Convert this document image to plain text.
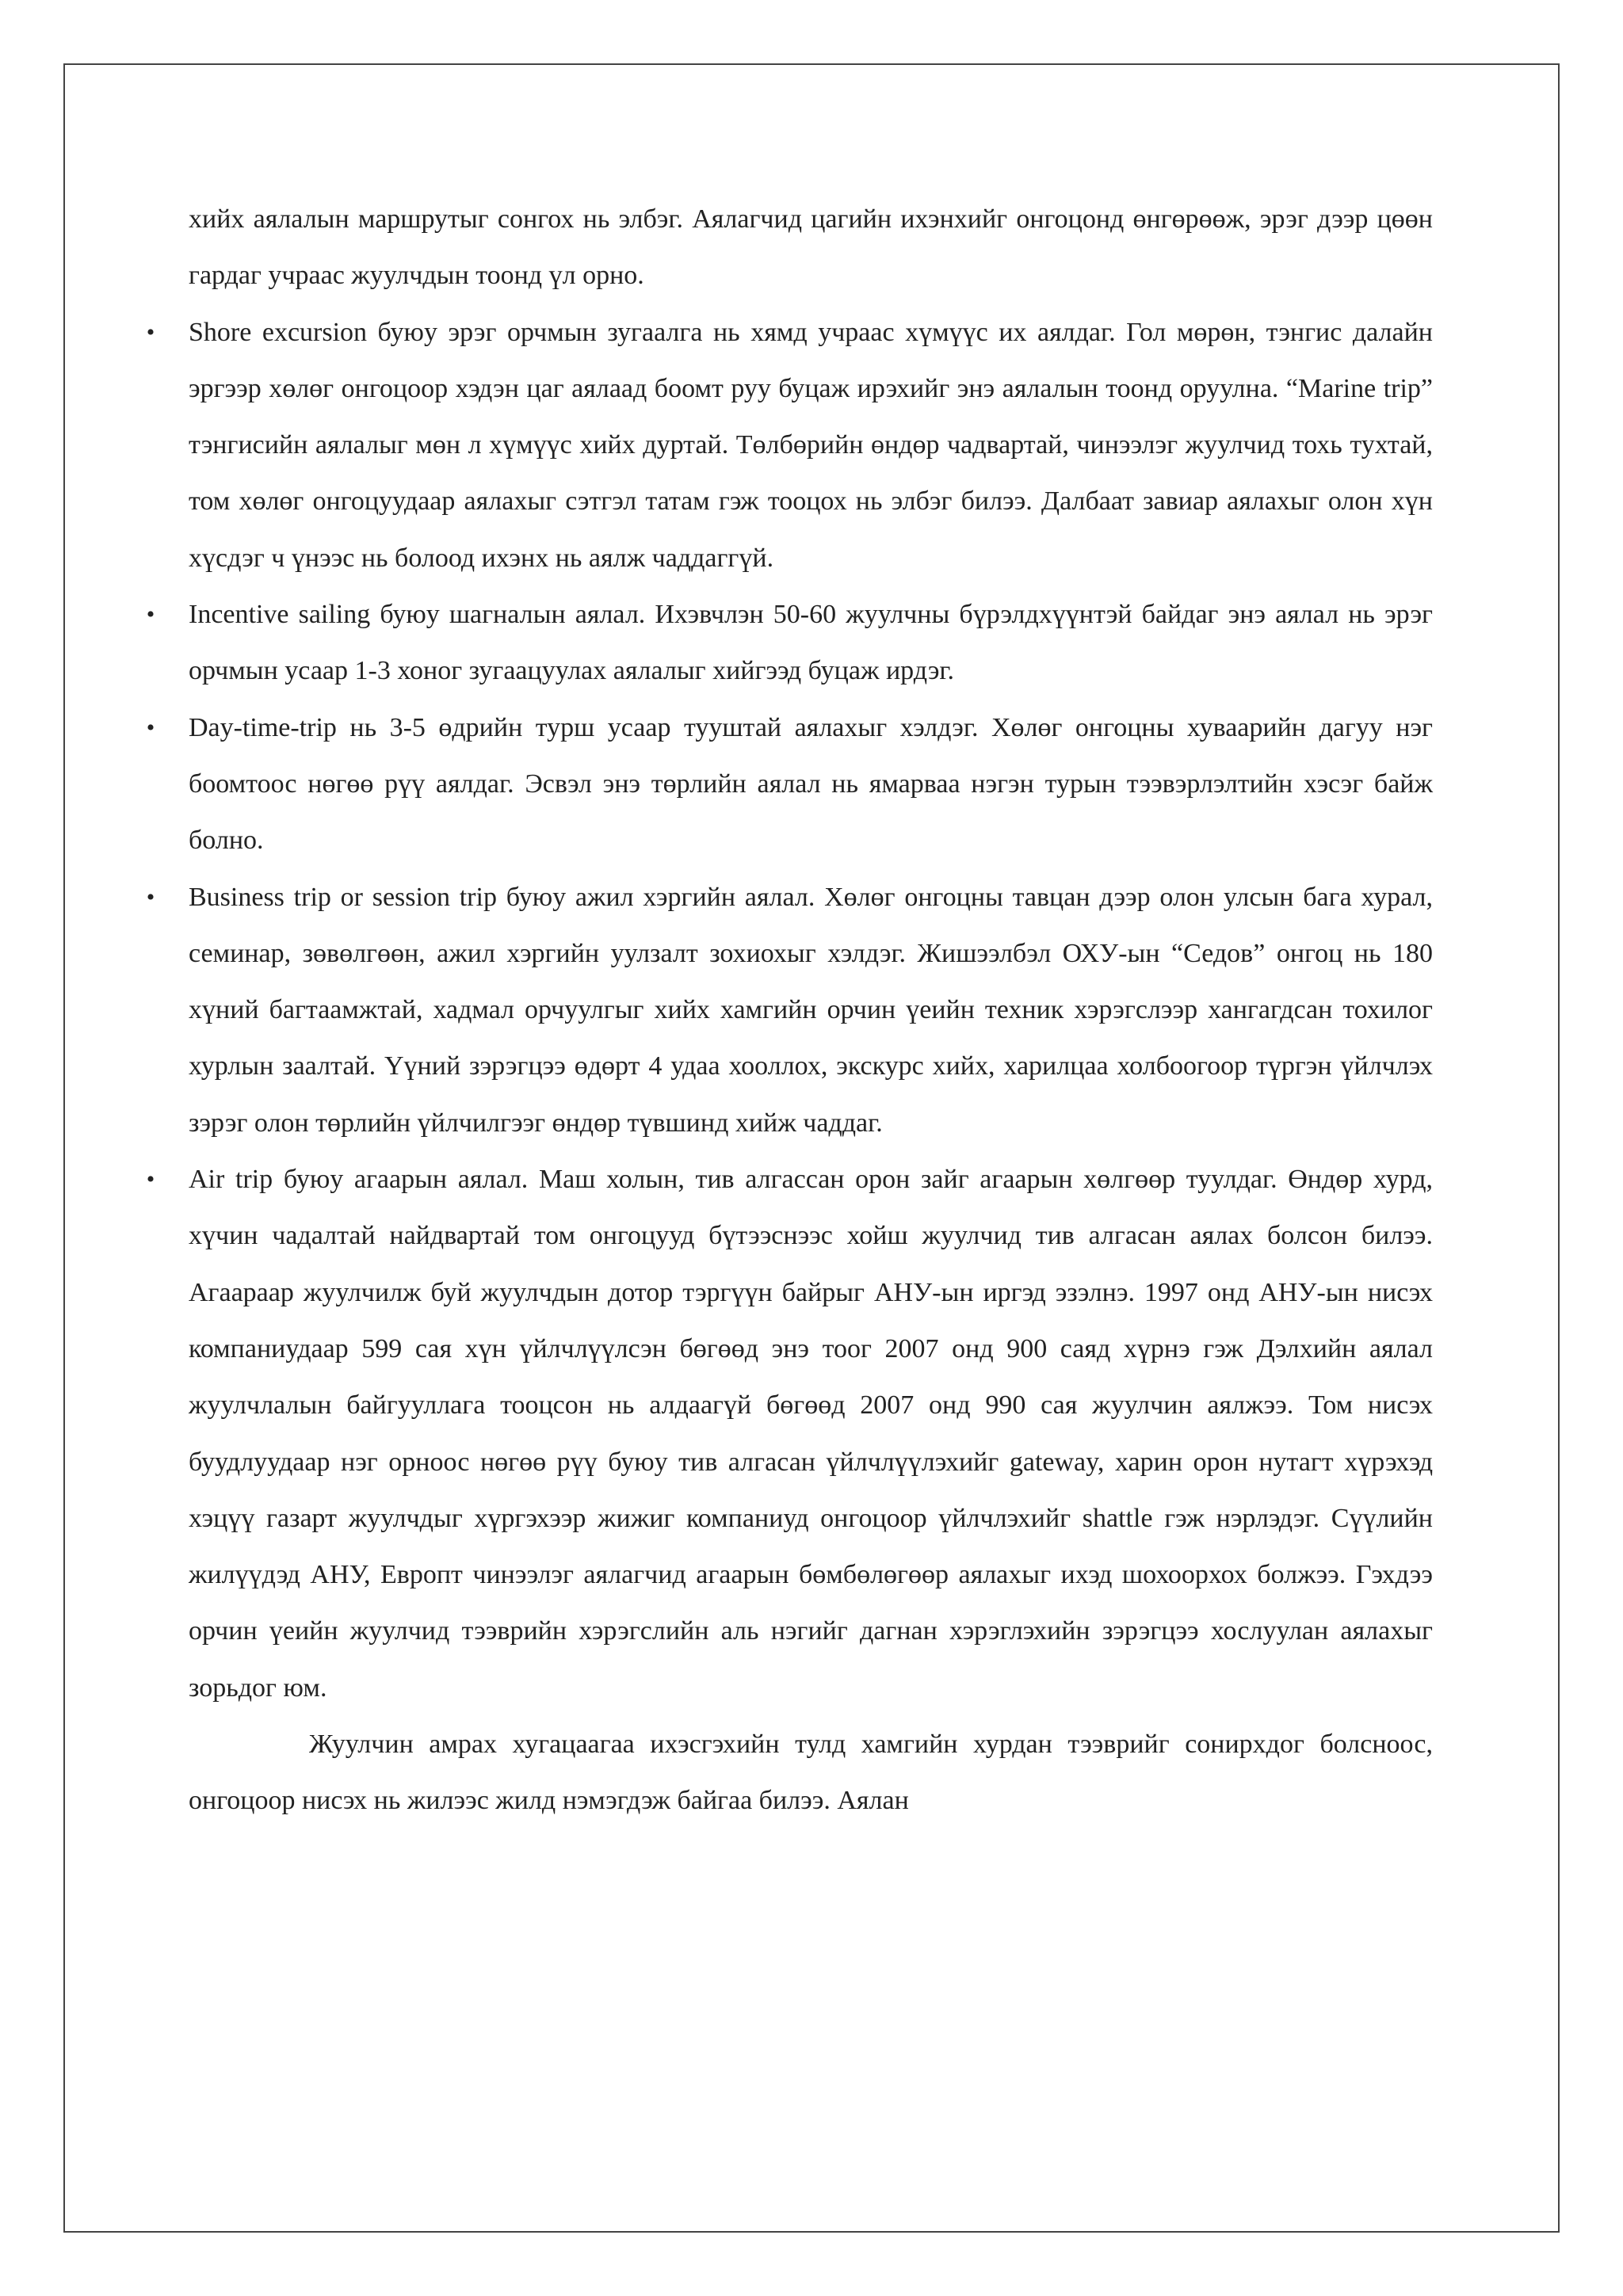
хийх аялалын маршрутыг сонгох нь элбэг. Аялагчид цагийн ихэнхийг онгоцонд өнгөрөөж, эрэг дээр цөөн гардаг учраас жуулчдын тоонд үл орно.

• Shore excursion буюу эрэг орчмын зугаалга нь хямд учраас хүмүүс их аялдаг. Гол мөрөн, тэнгис далайн эргээр хөлөг онгоцоор хэдэн цаг аялаад боомт руу буцаж ирэхийг энэ аялалын тоонд оруулна. “Marine trip” тэнгисийн аялалыг мөн л хүмүүс хийх дуртай. Төлбөрийн өндөр чадвартай, чинээлэг жуулчид тохь тухтай, том хөлөг онгоцуудаар аялахыг сэтгэл татам гэж тооцох нь элбэг билээ. Далбаат завиар аялахыг олон хүн хүсдэг ч үнээс нь болоод ихэнх нь аялж чаддаггүй.
• Incentive sailing буюу шагналын аялал. Ихэвчлэн 50-60 жуулчны бүрэлдхүүнтэй байдаг энэ аялал нь эрэг орчмын усаар 1-3 хоног зугаацуулах аялалыг хийгээд буцаж ирдэг.
• Day-time-trip нь 3-5 өдрийн турш усаар тууштай аялахыг хэлдэг. Хөлөг онгоцны хуваарийн дагуу нэг боомтоос нөгөө рүү аялдаг. Эсвэл энэ төрлийн аялал нь ямарваа нэгэн турын тээвэрлэлтийн хэсэг байж болно.
• Business trip or session trip буюу ажил хэргийн аялал. Хөлөг онгоцны тавцан дээр олон улсын бага хурал, семинар, зөвөлгөөн, ажил хэргийн уулзалт зохиохыг хэлдэг. Жишээлбэл ОХУ-ын “Седов” онгоц нь 180 хүний багтаамжтай, хадмал орчуулгыг хийх хамгийн орчин үеийн техник хэрэгслээр хангагдсан тохилог хурлын заалтай. Үүний зэрэгцээ өдөрт 4 удаа хооллох, экскурс хийх, харилцаа холбоогоор түргэн үйлчлэх зэрэг олон төрлийн үйлчилгээг өндөр түвшинд хийж чаддаг.
• Air trip буюу агаарын аялал. Маш холын, тив алгассан орон зайг агаарын хөлгөөр туулдаг. Өндөр хурд, хүчин чадалтай найдвартай том онгоцууд бүтээснээс хойш жуулчид тив алгасан аялах болсон билээ. Агаараар жуулчилж буй жуулчдын дотор тэргүүн байрыг АНУ-ын иргэд эзэлнэ. 1997 онд АНУ-ын нисэх компаниудаар 599 сая хүн үйлчлүүлсэн бөгөөд энэ тоог 2007 онд 900 саяд хүрнэ гэж Дэлхийн аялал жуулчлалын байгууллага тооцсон нь алдаагүй бөгөөд 2007 онд 990 сая жуулчин аялжээ. Том нисэх буудлуудаар нэг орноос нөгөө рүү буюу тив алгасан үйлчлүүлэхийг gateway, харин орон нутагт хүрэхэд хэцүү газарт жуулчдыг хүргэхээр жижиг компаниуд онгоцоор үйлчлэхийг shattle гэж нэрлэдэг. Сүүлийн жилүүдэд АНУ, Европт чинээлэг аялагчид агаарын бөмбөлөгөөр аялахыг ихэд шохоорхох болжээ. Гэхдээ орчин үеийн жуулчид тээврийн хэрэгслийн аль нэгийг дагнан хэрэглэхийн зэрэгцээ хослуулан аялахыг зорьдог юм.

Жуулчин амрах хугацаагаа ихэсгэхийн тулд хамгийн хурдан тээврийг сонирхдог болсноос, онгоцоор нисэх нь жилээс жилд нэмэгдэж байгаа билээ. Аялан
